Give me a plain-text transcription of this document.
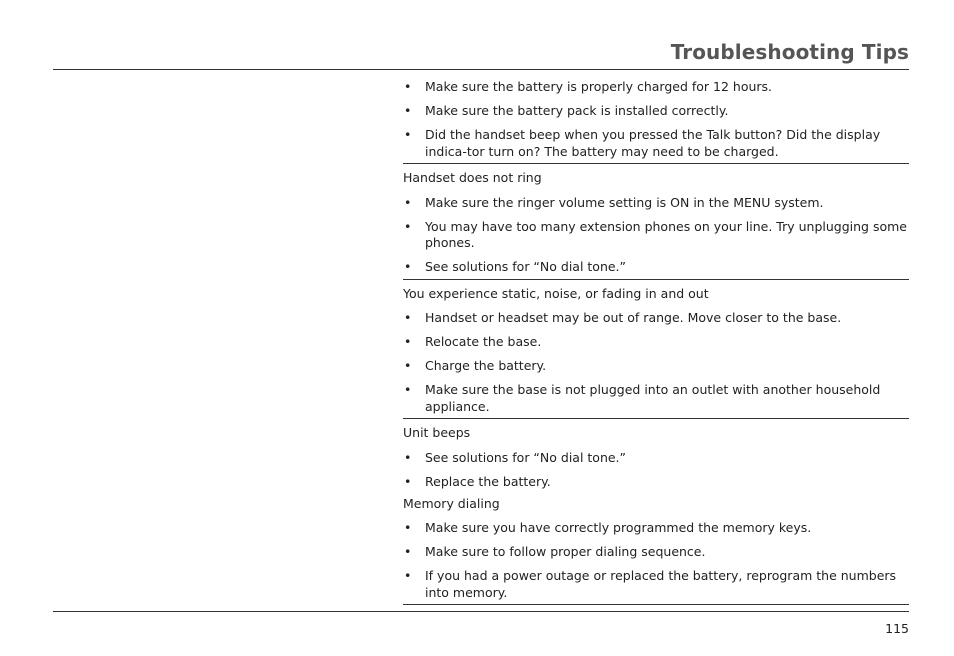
Troubleshooting Tips
• Make sure the battery is properly charged for 12 hours.
• Make sure the battery pack is installed correctly.
• Did the handset beep when you pressed the Talk button? Did the display indica-tor turn on? The battery may need to be charged.
Handset does not ring
• Make sure the ringer volume setting is ON in the MENU system.
• You may have too many extension phones on your line. Try unplugging some phones.
• See solutions for “No dial tone.”
You experience static, noise, or fading in and out
• Handset or headset may be out of range. Move closer to the base.
• Relocate the base.
• Charge the battery.
• Make sure the base is not plugged into an outlet with another household appliance.
Unit beeps
• See solutions for “No dial tone.”
• Replace the battery.
Memory dialing
• Make sure you have correctly programmed the memory keys.
• Make sure to follow proper dialing sequence.
• If you had a power outage or replaced the battery, reprogram the numbers into memory.
115
